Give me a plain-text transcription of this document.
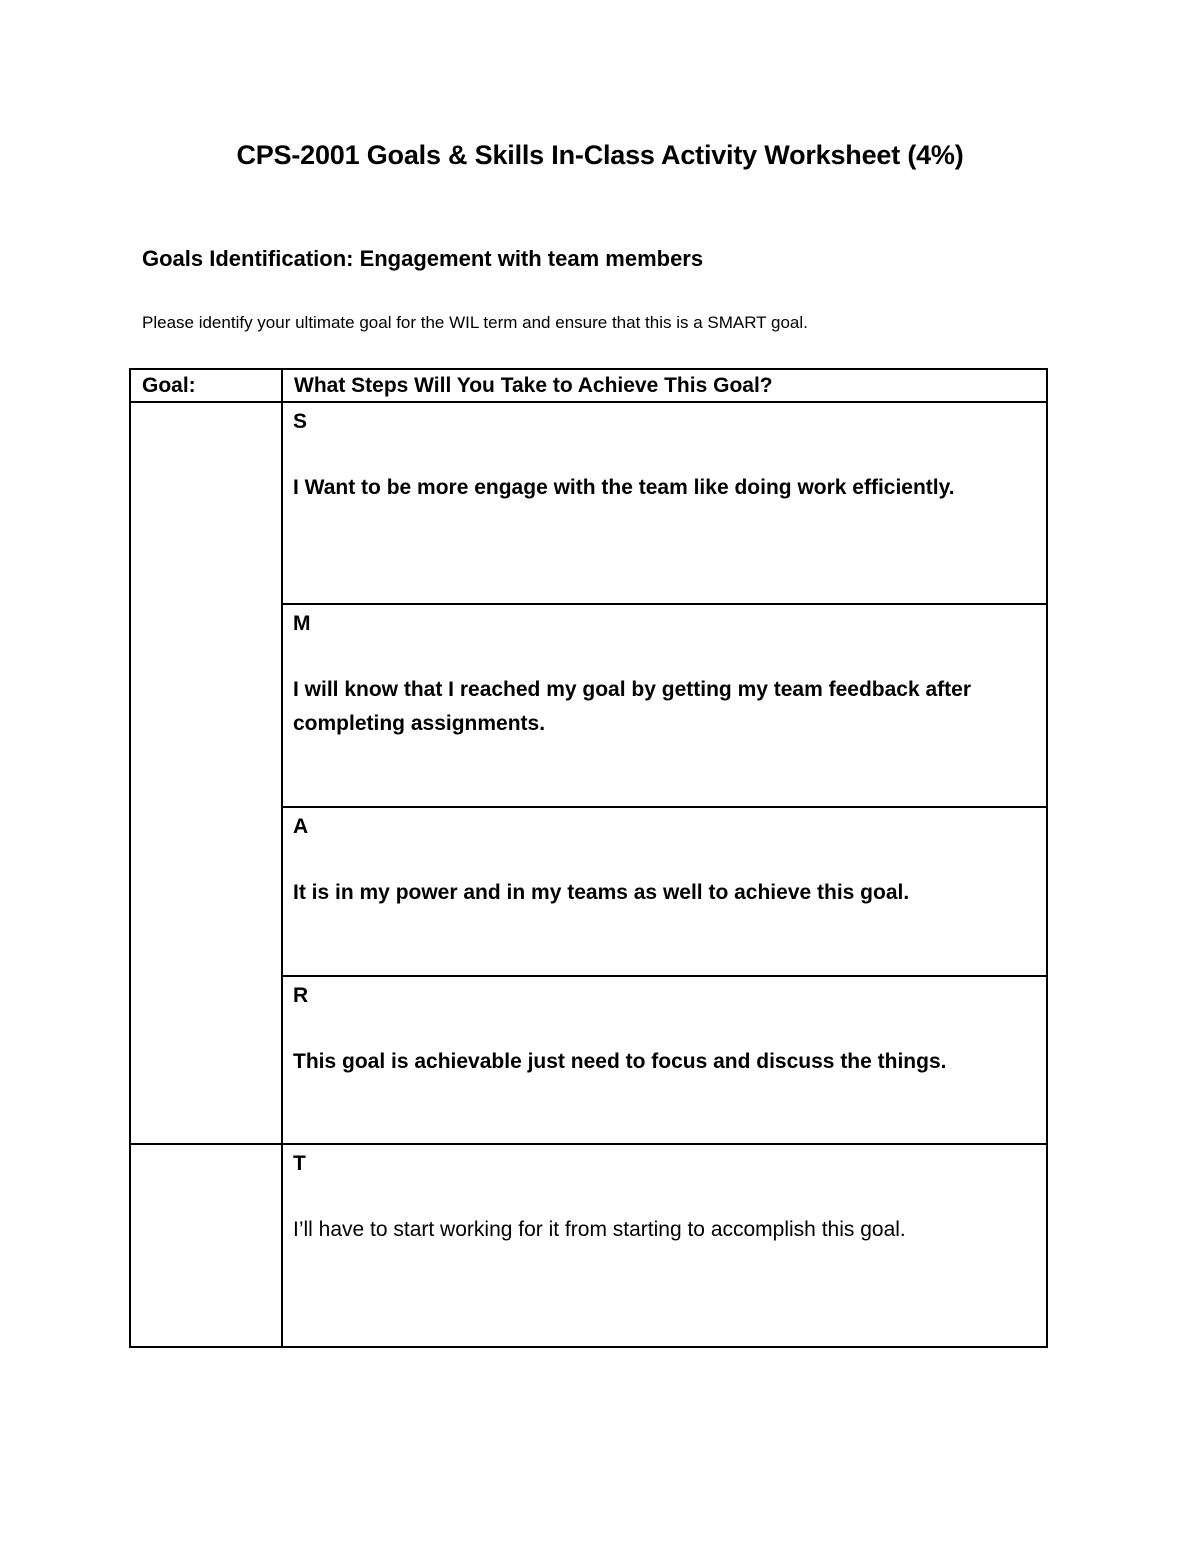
CPS-2001 Goals & Skills In-Class Activity Worksheet (4%)
Goals Identification: Engagement with team members
Please identify your ultimate goal for the WIL term and ensure that this is a SMART goal.
Goal:	What Steps Will You Take to Achieve This Goal?

	S
I Want to be more engage with the team like doing work efficiently.

	M
I will know that I reached my goal by getting my team feedback after completing assignments.

	A
It is in my power and in my teams as well to achieve this goal.

	R
This goal is achievable just need to focus and discuss the things.

	T
I’ll have to start working for it from starting to accomplish this goal.
